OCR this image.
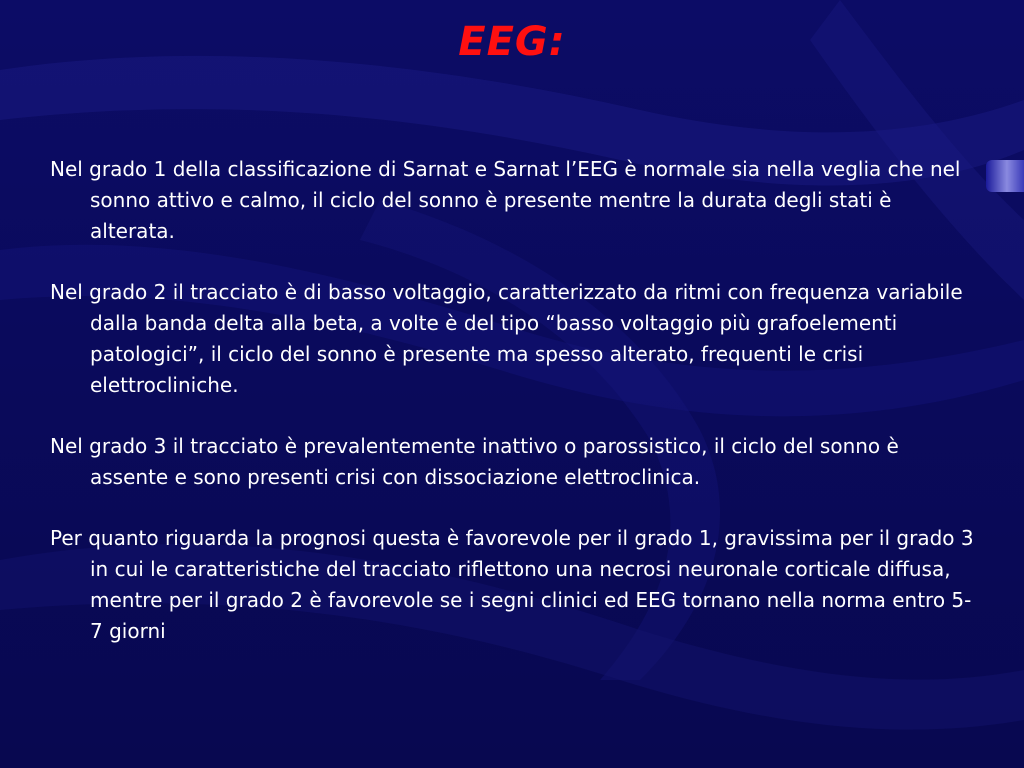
EEG:

Nel grado 1 della classificazione di Sarnat e Sarnat l’EEG è normale sia nella veglia che nel sonno attivo e calmo, il ciclo del sonno è presente mentre la durata degli stati è alterata.

Nel grado 2 il tracciato è di basso voltaggio, caratterizzato da ritmi con frequenza variabile dalla banda delta alla beta, a volte è del tipo “basso voltaggio più grafoelementi patologici”, il ciclo del sonno è presente ma spesso alterato, frequenti le crisi elettrocliniche.

Nel grado 3 il tracciato è prevalentemente inattivo o parossistico, il ciclo del sonno è assente e sono presenti crisi con dissociazione elettroclinica.

Per quanto riguarda la prognosi questa è favorevole per il grado 1, gravissima per il grado 3 in cui le caratteristiche del tracciato riflettono una necrosi neuronale corticale diffusa, mentre per il grado 2 è favorevole se i segni clinici ed EEG tornano nella norma entro 5-7 giorni
